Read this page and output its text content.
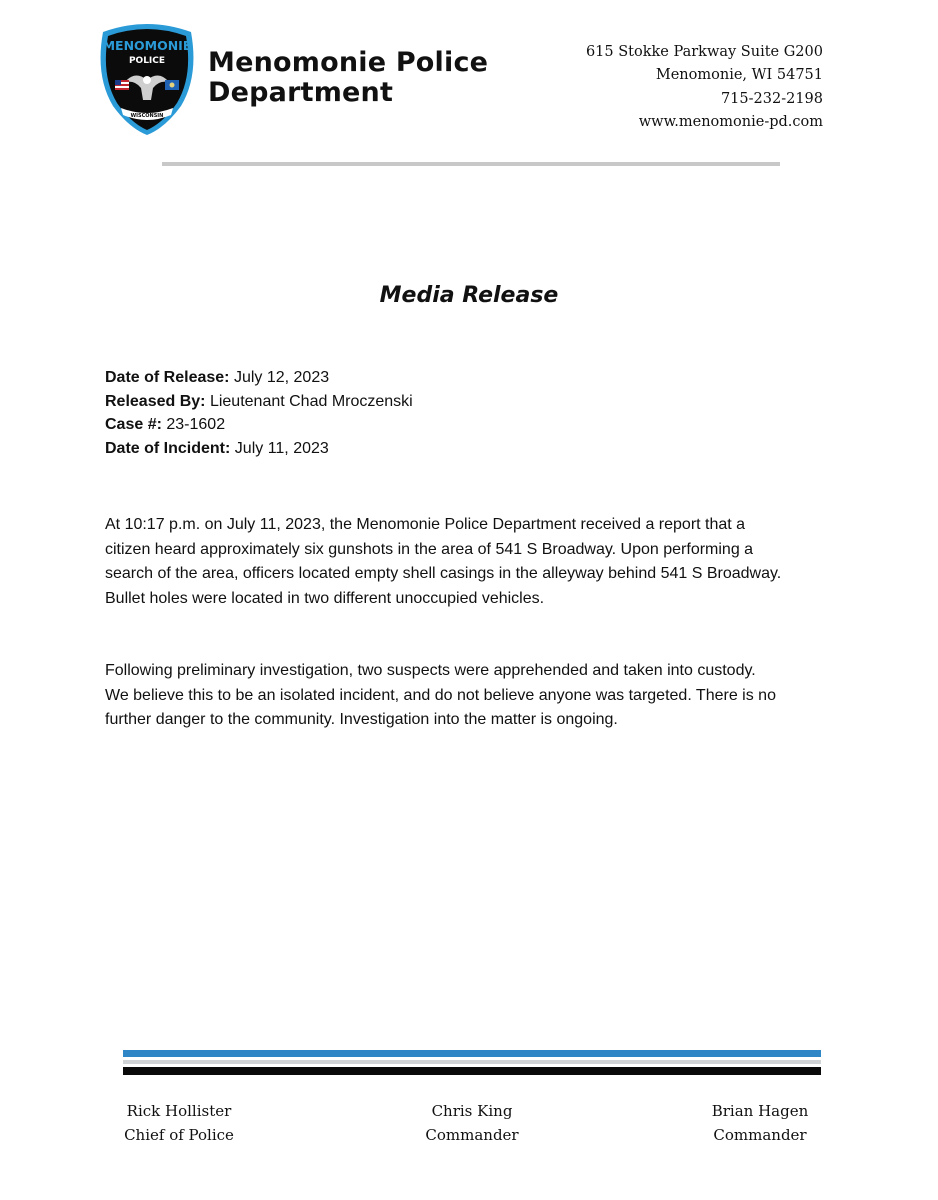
MENOMONIE
POLICE
WISCONSIN
Menomonie Police
Department
615 Stokke Parkway Suite G200
Menomonie, WI 54751
715-232-2198
www.menomonie-pd.com
Media Release
Date of Release: July 12, 2023
Released By: Lieutenant Chad Mroczenski
Case #: 23-1602
Date of Incident: July 11, 2023
At 10:17 p.m. on July 11, 2023, the Menomonie Police Department received a report that a
citizen heard approximately six gunshots in the area of 541 S Broadway. Upon performing a
search of the area, officers located empty shell casings in the alleyway behind 541 S Broadway.
Bullet holes were located in two different unoccupied vehicles.
Following preliminary investigation, two suspects were apprehended and taken into custody.
We believe this to be an isolated incident, and do not believe anyone was targeted. There is no
further danger to the community. Investigation into the matter is ongoing.
Rick Hollister
Chief of Police
Chris King
Commander
Brian Hagen
Commander
